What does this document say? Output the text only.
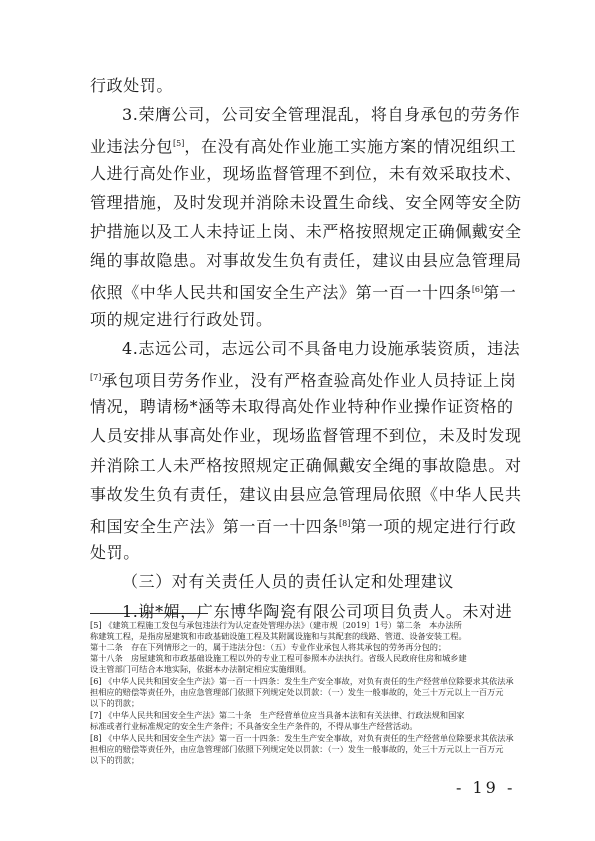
行政处罚。
3.荣膺公司，公司安全管理混乱，将自身承包的劳务作
业违法分包[5]，在没有高处作业施工实施方案的情况组织工
人进行高处作业，现场监督管理不到位，未有效采取技术、
管理措施，及时发现并消除未设置生命线、安全网等安全防
护措施以及工人未持证上岗、未严格按照规定正确佩戴安全
绳的事故隐患。对事故发生负有责任，建议由县应急管理局
依照《中华人民共和国安全生产法》第一百一十四条[6]第一
项的规定进行行政处罚。
4.志远公司，志远公司不具备电力设施承装资质，违法
[7]承包项目劳务作业，没有严格查验高处作业人员持证上岗
情况，聘请杨*涵等未取得高处作业特种作业操作证资格的
人员安排从事高处作业，现场监督管理不到位，未及时发现
并消除工人未严格按照规定正确佩戴安全绳的事故隐患。对
事故发生负有责任，建议由县应急管理局依照《中华人民共
和国安全生产法》第一百一十四条[8]第一项的规定进行行政
[5] 《建筑工程施工发包与承包违法行为认定查处管理办法》（建市规〔2019〕1号）第二条　本办法所
称建筑工程，是指房屋建筑和市政基础设施工程及其附属设施和与其配套的线路、管道、设备安装工程。
第十二条　存在下列情形之一的，属于违法分包：（五）专业作业承包人将其承包的劳务再分包的；
第十八条　房屋建筑和市政基础设施工程以外的专业工程可参照本办法执行。省级人民政府住房和城乡建
设主管部门可结合本地实际，依据本办法制定相应实施细则。
[6] 《中华人民共和国安全生产法》第一百一十四条：发生生产安全事故，对负有责任的生产经营单位除要求其依法承
担相应的赔偿等责任外，由应急管理部门依照下列规定处以罚款：（一）发生一般事故的，处三十万元以上一百万元
以下的罚款；
[7] 《中华人民共和国安全生产法》第二十条　生产经营单位应当具备本法和有关法律、行政法规和国家
标准或者行业标准规定的安全生产条件；不具备安全生产条件的，不得从事生产经营活动。
[8] 《中华人民共和国安全生产法》第一百一十四条：发生生产安全事故，对负有责任的生产经营单位除要求其依法承
担相应的赔偿等责任外，由应急管理部门依照下列规定处以罚款：（一）发生一般事故的，处三十万元以上一百万元
以下的罚款；
- 19 -
处罚。
（三）对有关责任人员的责任认定和处理建议
1.谢*媚，广东博华陶瓷有限公司项目负责人。未对进
